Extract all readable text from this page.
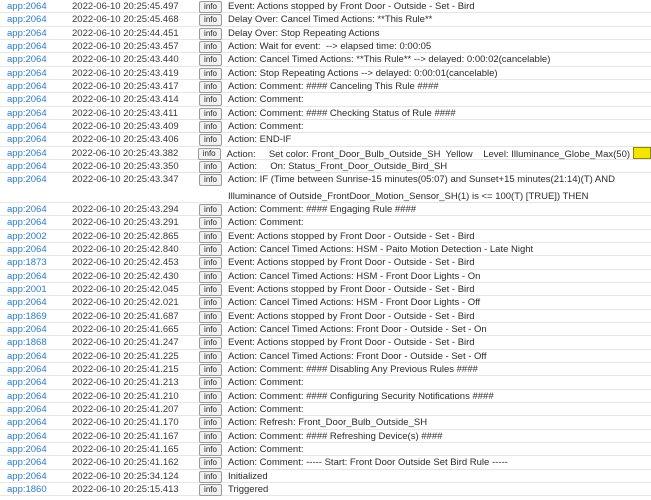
app:2064	2022-06-10 20:25:45.497	info	Event: Actions stopped by Front Door - Outside - Set - Bird
app:2064	2022-06-10 20:25:45.468	info	Delay Over: Cancel Timed Actions: **This Rule**
app:2064	2022-06-10 20:25:44.451	info	Delay Over: Stop Repeating Actions
app:2064	2022-06-10 20:25:43.457	info	Action: Wait for event:  --> elapsed time: 0:00:05
app:2064	2022-06-10 20:25:43.440	info	Action: Cancel Timed Actions: **This Rule** --> delayed: 0:00:02(cancelable)
app:2064	2022-06-10 20:25:43.419	info	Action: Stop Repeating Actions --> delayed: 0:00:01(cancelable)
app:2064	2022-06-10 20:25:43.417	info	Action: Comment: #### Canceling This Rule ####
app:2064	2022-06-10 20:25:43.414	info	Action: Comment:
app:2064	2022-06-10 20:25:43.411	info	Action: Comment: #### Checking Status of Rule ####
app:2064	2022-06-10 20:25:43.409	info	Action: Comment:
app:2064	2022-06-10 20:25:43.406	info	Action: END-IF
app:2064	2022-06-10 20:25:43.382	info	Action:     Set color: Front_Door_Bulb_Outside_SH  Yellow    Level: Illuminance_Globe_Max(50)
app:2064	2022-06-10 20:25:43.350	info	Action:     On: Status_Front_Door_Outside_Bird_SH
app:2064	2022-06-10 20:25:43.347	info	Action: IF (Time between Sunrise-15 minutes(05:07) and Sunset+15 minutes(21:14)(T) AND
Illuminance of Outside_FrontDoor_Motion_Sensor_SH(1) is <= 100(T) [TRUE]) THEN
app:2064	2022-06-10 20:25:43.294	info	Action: Comment: #### Engaging Rule ####
app:2064	2022-06-10 20:25:43.291	info	Action: Comment:
app:2002	2022-06-10 20:25:42.865	info	Event: Actions stopped by Front Door - Outside - Set - Bird
app:2064	2022-06-10 20:25:42.840	info	Action: Cancel Timed Actions: HSM - Paito Motion Detection - Late Night
app:1873	2022-06-10 20:25:42.453	info	Event: Actions stopped by Front Door - Outside - Set - Bird
app:2064	2022-06-10 20:25:42.430	info	Action: Cancel Timed Actions: HSM - Front Door Lights - On
app:2001	2022-06-10 20:25:42.045	info	Event: Actions stopped by Front Door - Outside - Set - Bird
app:2064	2022-06-10 20:25:42.021	info	Action: Cancel Timed Actions: HSM - Front Door Lights - Off
app:1869	2022-06-10 20:25:41.687	info	Event: Actions stopped by Front Door - Outside - Set - Bird
app:2064	2022-06-10 20:25:41.665	info	Action: Cancel Timed Actions: Front Door - Outside - Set - On
app:1868	2022-06-10 20:25:41.247	info	Event: Actions stopped by Front Door - Outside - Set - Bird
app:2064	2022-06-10 20:25:41.225	info	Action: Cancel Timed Actions: Front Door - Outside - Set - Off
app:2064	2022-06-10 20:25:41.215	info	Action: Comment: #### Disabling Any Previous Rules ####
app:2064	2022-06-10 20:25:41.213	info	Action: Comment:
app:2064	2022-06-10 20:25:41.210	info	Action: Comment: #### Configuring Security Notifications ####
app:2064	2022-06-10 20:25:41.207	info	Action: Comment:
app:2064	2022-06-10 20:25:41.170	info	Action: Refresh: Front_Door_Bulb_Outside_SH
app:2064	2022-06-10 20:25:41.167	info	Action: Comment: #### Refreshing Device(s) ####
app:2064	2022-06-10 20:25:41.165	info	Action: Comment:
app:2064	2022-06-10 20:25:41.162	info	Action: Comment: ----- Start: Front Door Outside Set Bird Rule -----
app:2064	2022-06-10 20:25:34.124	info	Initialized
app:1860	2022-06-10 20:25:15.413	info	Triggered
